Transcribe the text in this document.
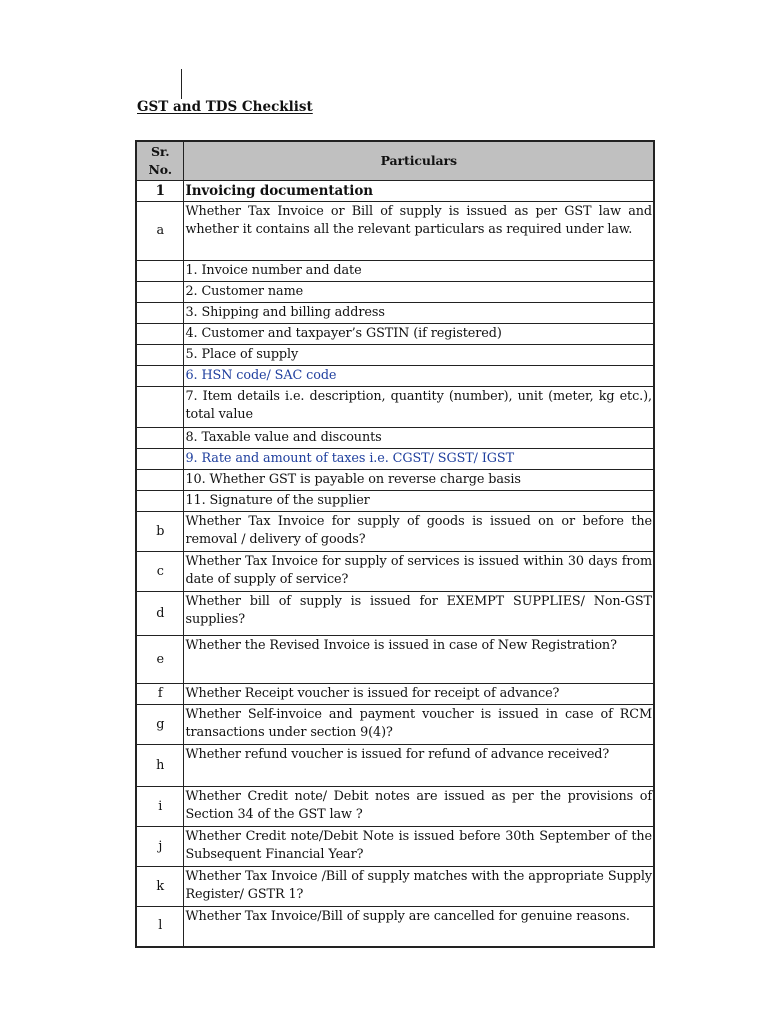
GST and TDS Checklist
Sr. No.	Particulars
1	Invoicing documentation
a	Whether Tax Invoice or Bill of supply is issued as per GST law and whether it contains all the relevant particulars as required under law.
	1. Invoice number and date
	2. Customer name
	3. Shipping and billing address
	4. Customer and taxpayer’s GSTIN (if registered)
	5. Place of supply
	6. HSN code/ SAC code
	7. Item details i.e. description, quantity (number), unit (meter, kg etc.), total value
	8. Taxable value and discounts
	9. Rate and amount of taxes i.e. CGST/ SGST/ IGST
	10. Whether GST is payable on reverse charge basis
	11. Signature of the supplier
b	Whether Tax Invoice for supply of goods is issued on or before the removal / delivery of goods?
c	Whether Tax Invoice for supply of services is issued within 30 days from date of supply of service?
d	Whether bill of supply is issued for EXEMPT SUPPLIES/ Non-GST supplies?
e	Whether the Revised Invoice is issued in case of New Registration?
f	Whether Receipt voucher is issued for receipt of advance?
g	Whether Self-invoice and payment voucher is issued in case of RCM transactions under section 9(4)?
h	Whether refund voucher is issued for refund of advance received?
i	Whether Credit note/ Debit notes are issued as per the provisions of Section 34 of the GST law ?
j	Whether Credit note/Debit Note is issued before 30th September of the Subsequent Financial Year?
k	Whether Tax Invoice /Bill of supply matches with the appropriate Supply Register/ GSTR 1?
l	Whether Tax Invoice/Bill of supply are cancelled for genuine reasons.
